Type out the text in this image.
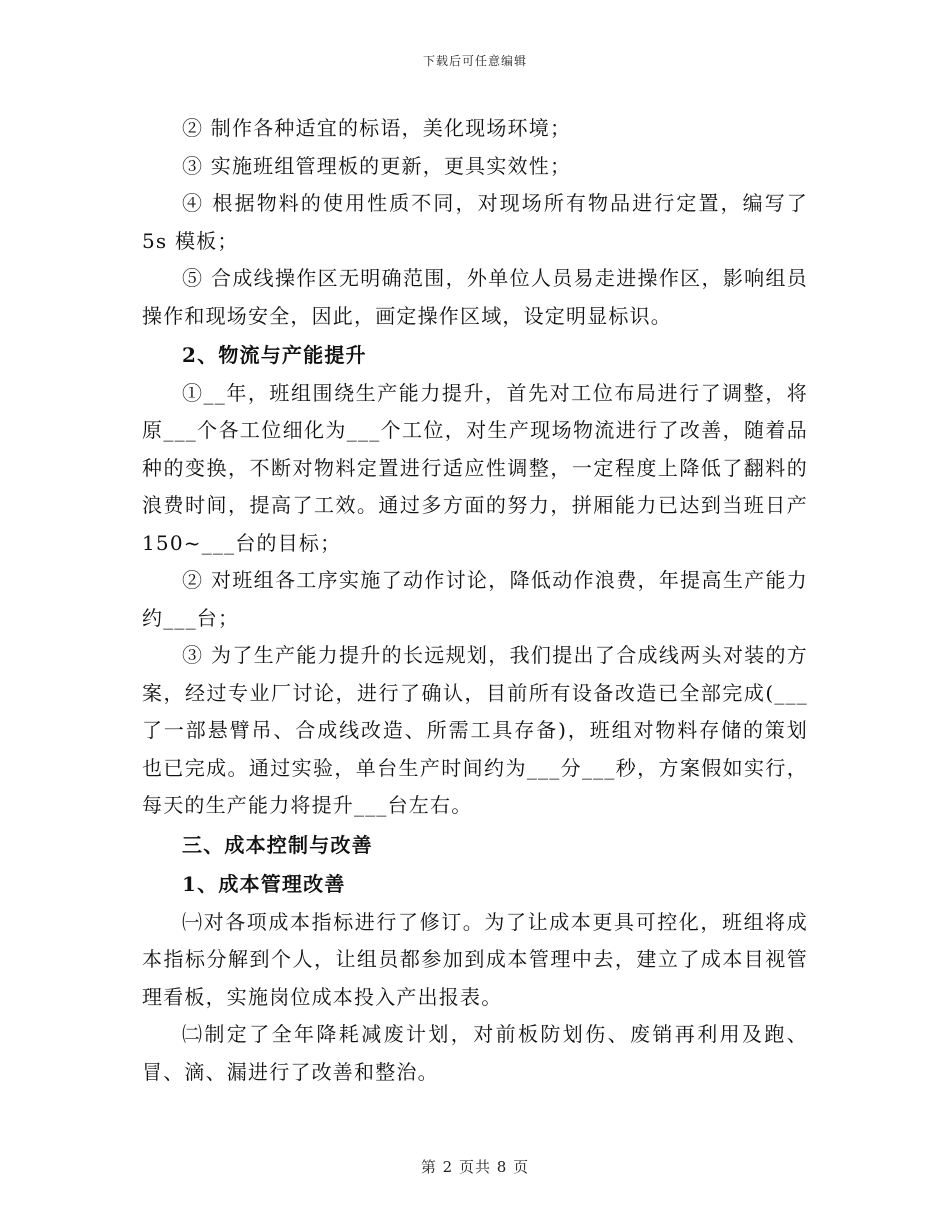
下载后可任意编辑

② 制作各种适宜的标语，美化现场环境；

③ 实施班组管理板的更新，更具实效性；

④ 根据物料的使用性质不同，对现场所有物品进行定置，编写了5s 模板；

⑤ 合成线操作区无明确范围，外单位人员易走进操作区，影响组员操作和现场安全，因此，画定操作区域，设定明显标识。

2、物流与产能提升

①__年，班组围绕生产能力提升，首先对工位布局进行了调整，将原___个各工位细化为___个工位，对生产现场物流进行了改善，随着品种的变换，不断对物料定置进行适应性调整，一定程度上降低了翻料的浪费时间，提高了工效。通过多方面的努力，拼厢能力已达到当班日产 150~___台的目标；

② 对班组各工序实施了动作讨论，降低动作浪费，年提高生产能力约___台；

③ 为了生产能力提升的长远规划，我们提出了合成线两头对装的方案，经过专业厂讨论，进行了确认，目前所有设备改造已全部完成(___了一部悬臂吊、合成线改造、所需工具存备)，班组对物料存储的策划也已完成。通过实验，单台生产时间约为___分___秒，方案假如实行，每天的生产能力将提升___台左右。

三、成本控制与改善

1、成本管理改善

㈠对各项成本指标进行了修订。为了让成本更具可控化，班组将成本指标分解到个人，让组员都参加到成本管理中去，建立了成本目视管理看板，实施岗位成本投入产出报表。

㈡制定了全年降耗减废计划，对前板防划伤、废销再利用及跑、冒、滴、漏进行了改善和整治。

第 2 页共 8 页
